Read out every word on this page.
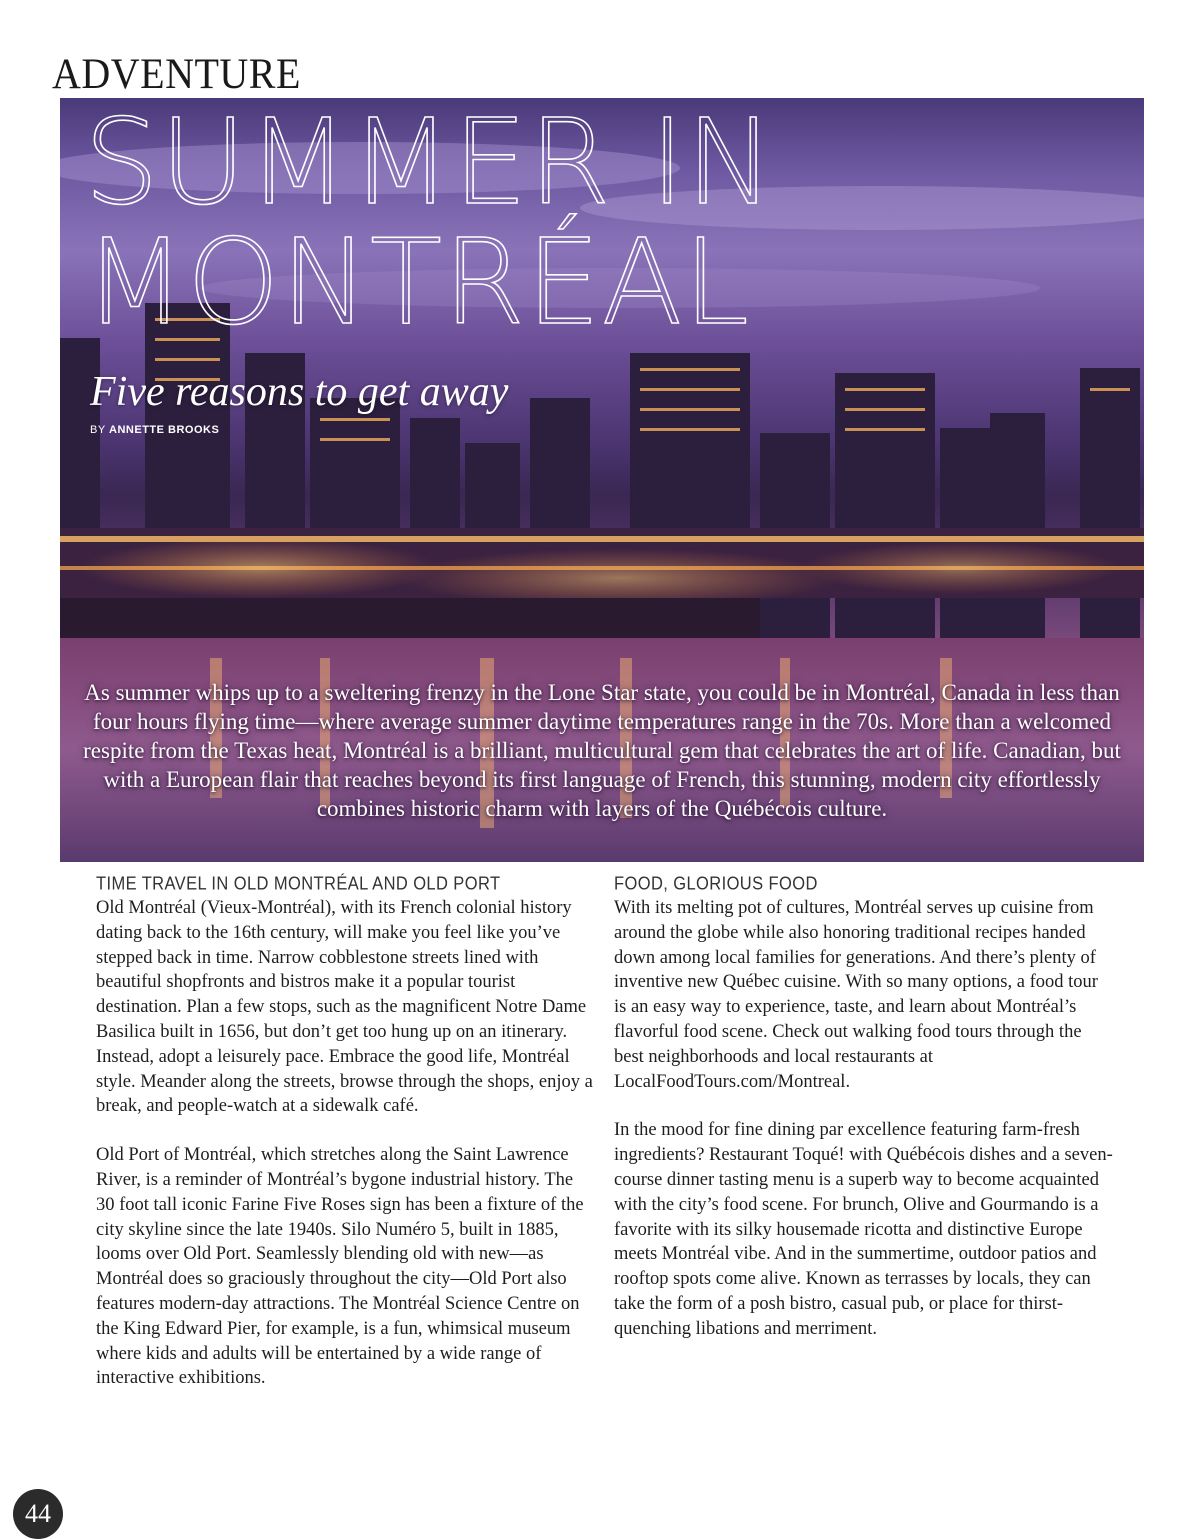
ADVENTURE
SUMMER IN
MONTRÉAL
Five reasons to get away
BY ANNETTE BROOKS

As summer whips up to a sweltering frenzy in the Lone Star state, you could be in Montréal, Canada in less than four hours flying time—where average summer daytime temperatures range in the 70s. More than a welcomed respite from the Texas heat, Montréal is a brilliant, multicultural gem that celebrates the art of life. Canadian, but with a European flair that reaches beyond its first language of French, this stunning, modern city effortlessly combines historic charm with layers of the Québécois culture.

TIME TRAVEL IN OLD MONTRÉAL AND OLD PORT

Old Montréal (Vieux-Montréal), with its French colonial history dating back to the 16th century, will make you feel like you’ve stepped back in time. Narrow cobblestone streets lined with beautiful shopfronts and bistros make it a popular tourist destination. Plan a few stops, such as the magnificent Notre Dame Basilica built in 1656, but don’t get too hung up on an itinerary. Instead, adopt a leisurely pace. Embrace the good life, Montréal style. Meander along the streets, browse through the shops, enjoy a break, and people-watch at a sidewalk café.

Old Port of Montréal, which stretches along the Saint Lawrence River, is a reminder of Montréal’s bygone industrial history. The 30 foot tall iconic Farine Five Roses sign has been a fixture of the city skyline since the late 1940s. Silo Numéro 5, built in 1885, looms over Old Port. Seamlessly blending old with new—as Montréal does so graciously throughout the city—Old Port also features modern-day attractions. The Montréal Science Centre on the King Edward Pier, for example, is a fun, whimsical museum where kids and adults will be entertained by a wide range of interactive exhibitions.

FOOD, GLORIOUS FOOD

With its melting pot of cultures, Montréal serves up cuisine from around the globe while also honoring traditional recipes handed down among local families for generations. And there’s plenty of inventive new Québec cuisine. With so many options, a food tour is an easy way to experience, taste, and learn about Montréal’s flavorful food scene. Check out walking food tours through the best neighborhoods and local restaurants at LocalFoodTours.com/Montreal.

In the mood for fine dining par excellence featuring farm-fresh ingredients? Restaurant Toqué! with Québécois dishes and a seven-course dinner tasting menu is a superb way to become acquainted with the city’s food scene. For brunch, Olive and Gourmando is a favorite with its silky housemade ricotta and distinctive Europe meets Montréal vibe. And in the summertime, outdoor patios and rooftop spots come alive. Known as terrasses by locals, they can take the form of a posh bistro, casual pub, or place for thirst-quenching libations and merriment.

44
